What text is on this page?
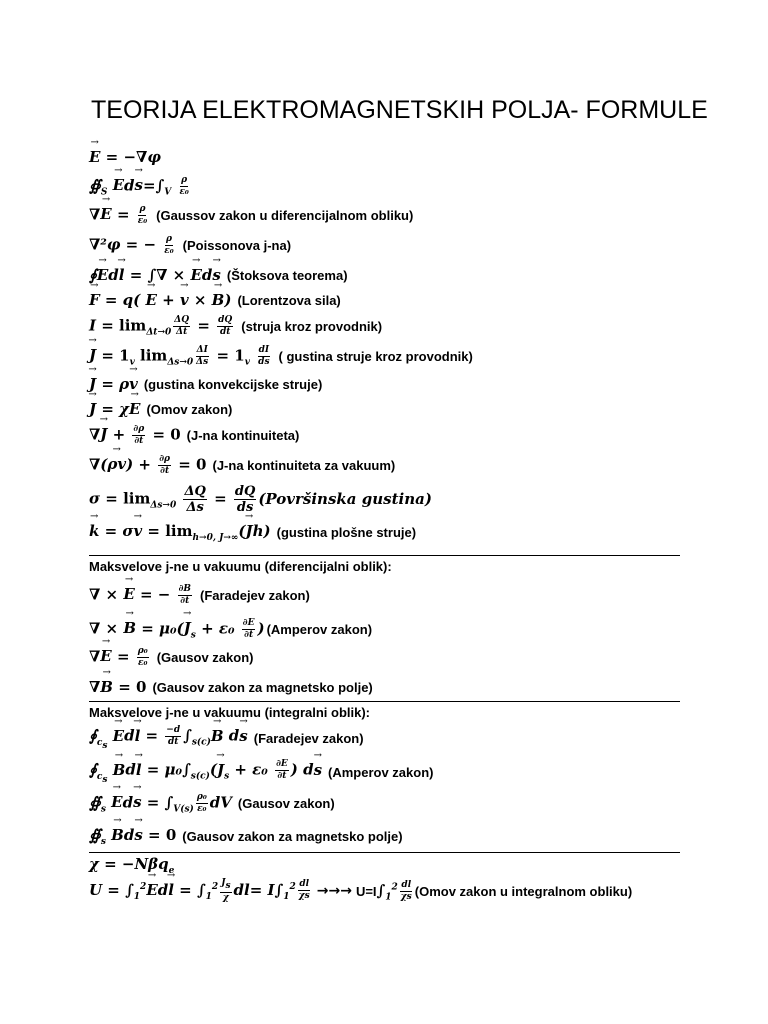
TEORIJA ELEKTROMAGNETSKIH POLJA- FORMULE
→ E = −∇φ
$∯_S \to Ed\to s=\int_V \frac{\rho}{\text{ε₀}}$
∇→ $E = \frac{\rho}{\text{ε₀}}$ (Gaussov zakon u diferencijalnom obliku)
∇²φ = − $\frac{\rho}{\text{ε₀}}$ (Poissonova j-na)
∮→ Ed→ l = ∫∇ × → Ed→ s (Štoksova teorema)
→ F = q( → E + → v × → B) (Lorentzova sila)
$I = \lim_{\Delta t\to 0} \frac{\Delta Q}{\Delta t} = \frac{dQ}{dt}$ (struja kroz provodnik)
→ $J = 1_v$ $\lim_{\Delta s\to 0} \frac{\Delta I}{\Delta s} = 1_v \frac{dI}{ds}$ ( gustina struje kroz provodnik)
→ J = ρ→ v (gustina konvekcijske struje)
→ J = χ→ E (Omov zakon)
∇→ $J + \frac{\partial\rho}{\partial t} = 0$ (J-na kontinuiteta)
∇(→ $\rho v) + \frac{\partial\rho}{\partial t} = 0$ (J-na kontinuiteta za vakuum)
$\sigma = \lim_{\Delta s\to 0} \frac{\Delta Q}{\Delta s} = \frac{dQ}{ds}$ (Površinska gustina)
→ $k = \sigma\to v = \lim_{h\to 0, J\to\infty}(\to Jh)$ (gustina plošne struje)
Maksvelove j-ne u vakuumu (diferencijalni oblik):
∇ × → E = − $\frac{\partial B}{\partial t}$ (Faradejev zakon)
∇ × → $B = \mu_0(\to J_s + \varepsilon_0 \frac{\partial E}{\partial t}$ ) (Amperov zakon)
∇→ $E = \frac{\text{ρ₀}}{\text{ε₀}}$ (Gausov zakon)
∇→ B = 0 (Gausov zakon za magnetsko polje)
Maksvelove j-ne u vakuumu (integralni oblik):
$∮_{c_s} \to Ed\to l = \frac{-d}{dt} \int_{s(c)}\to B$ d→ s (Faradejev zakon)
$∮_{c_s} \to Bd\to l = \mu_0\int_{s(c)}(\to J_s + \varepsilon_0 \frac{\partial E}{\partial t}$ ) d→ s (Amperov zakon)
$∯_s \to Ed\to s = \int_{V(s)} \frac{\text{ρ₀}}{\text{ε₀}}$ dV (Gausov zakon)
$∯_s \to Bd\to s = 0$ (Gausov zakon za magnetsko polje)
χ = −Nβq$_e$
$U = \int_1^2\to Ed\to l = \int_1^2 \frac{J_s}{\chi} dl= I\int_1^2 \frac{dl}{\chi s}$ →→→ U=I $\int_1^2 \frac{dl}{\chi s}$ (Omov zakon u integralnom obliku)
